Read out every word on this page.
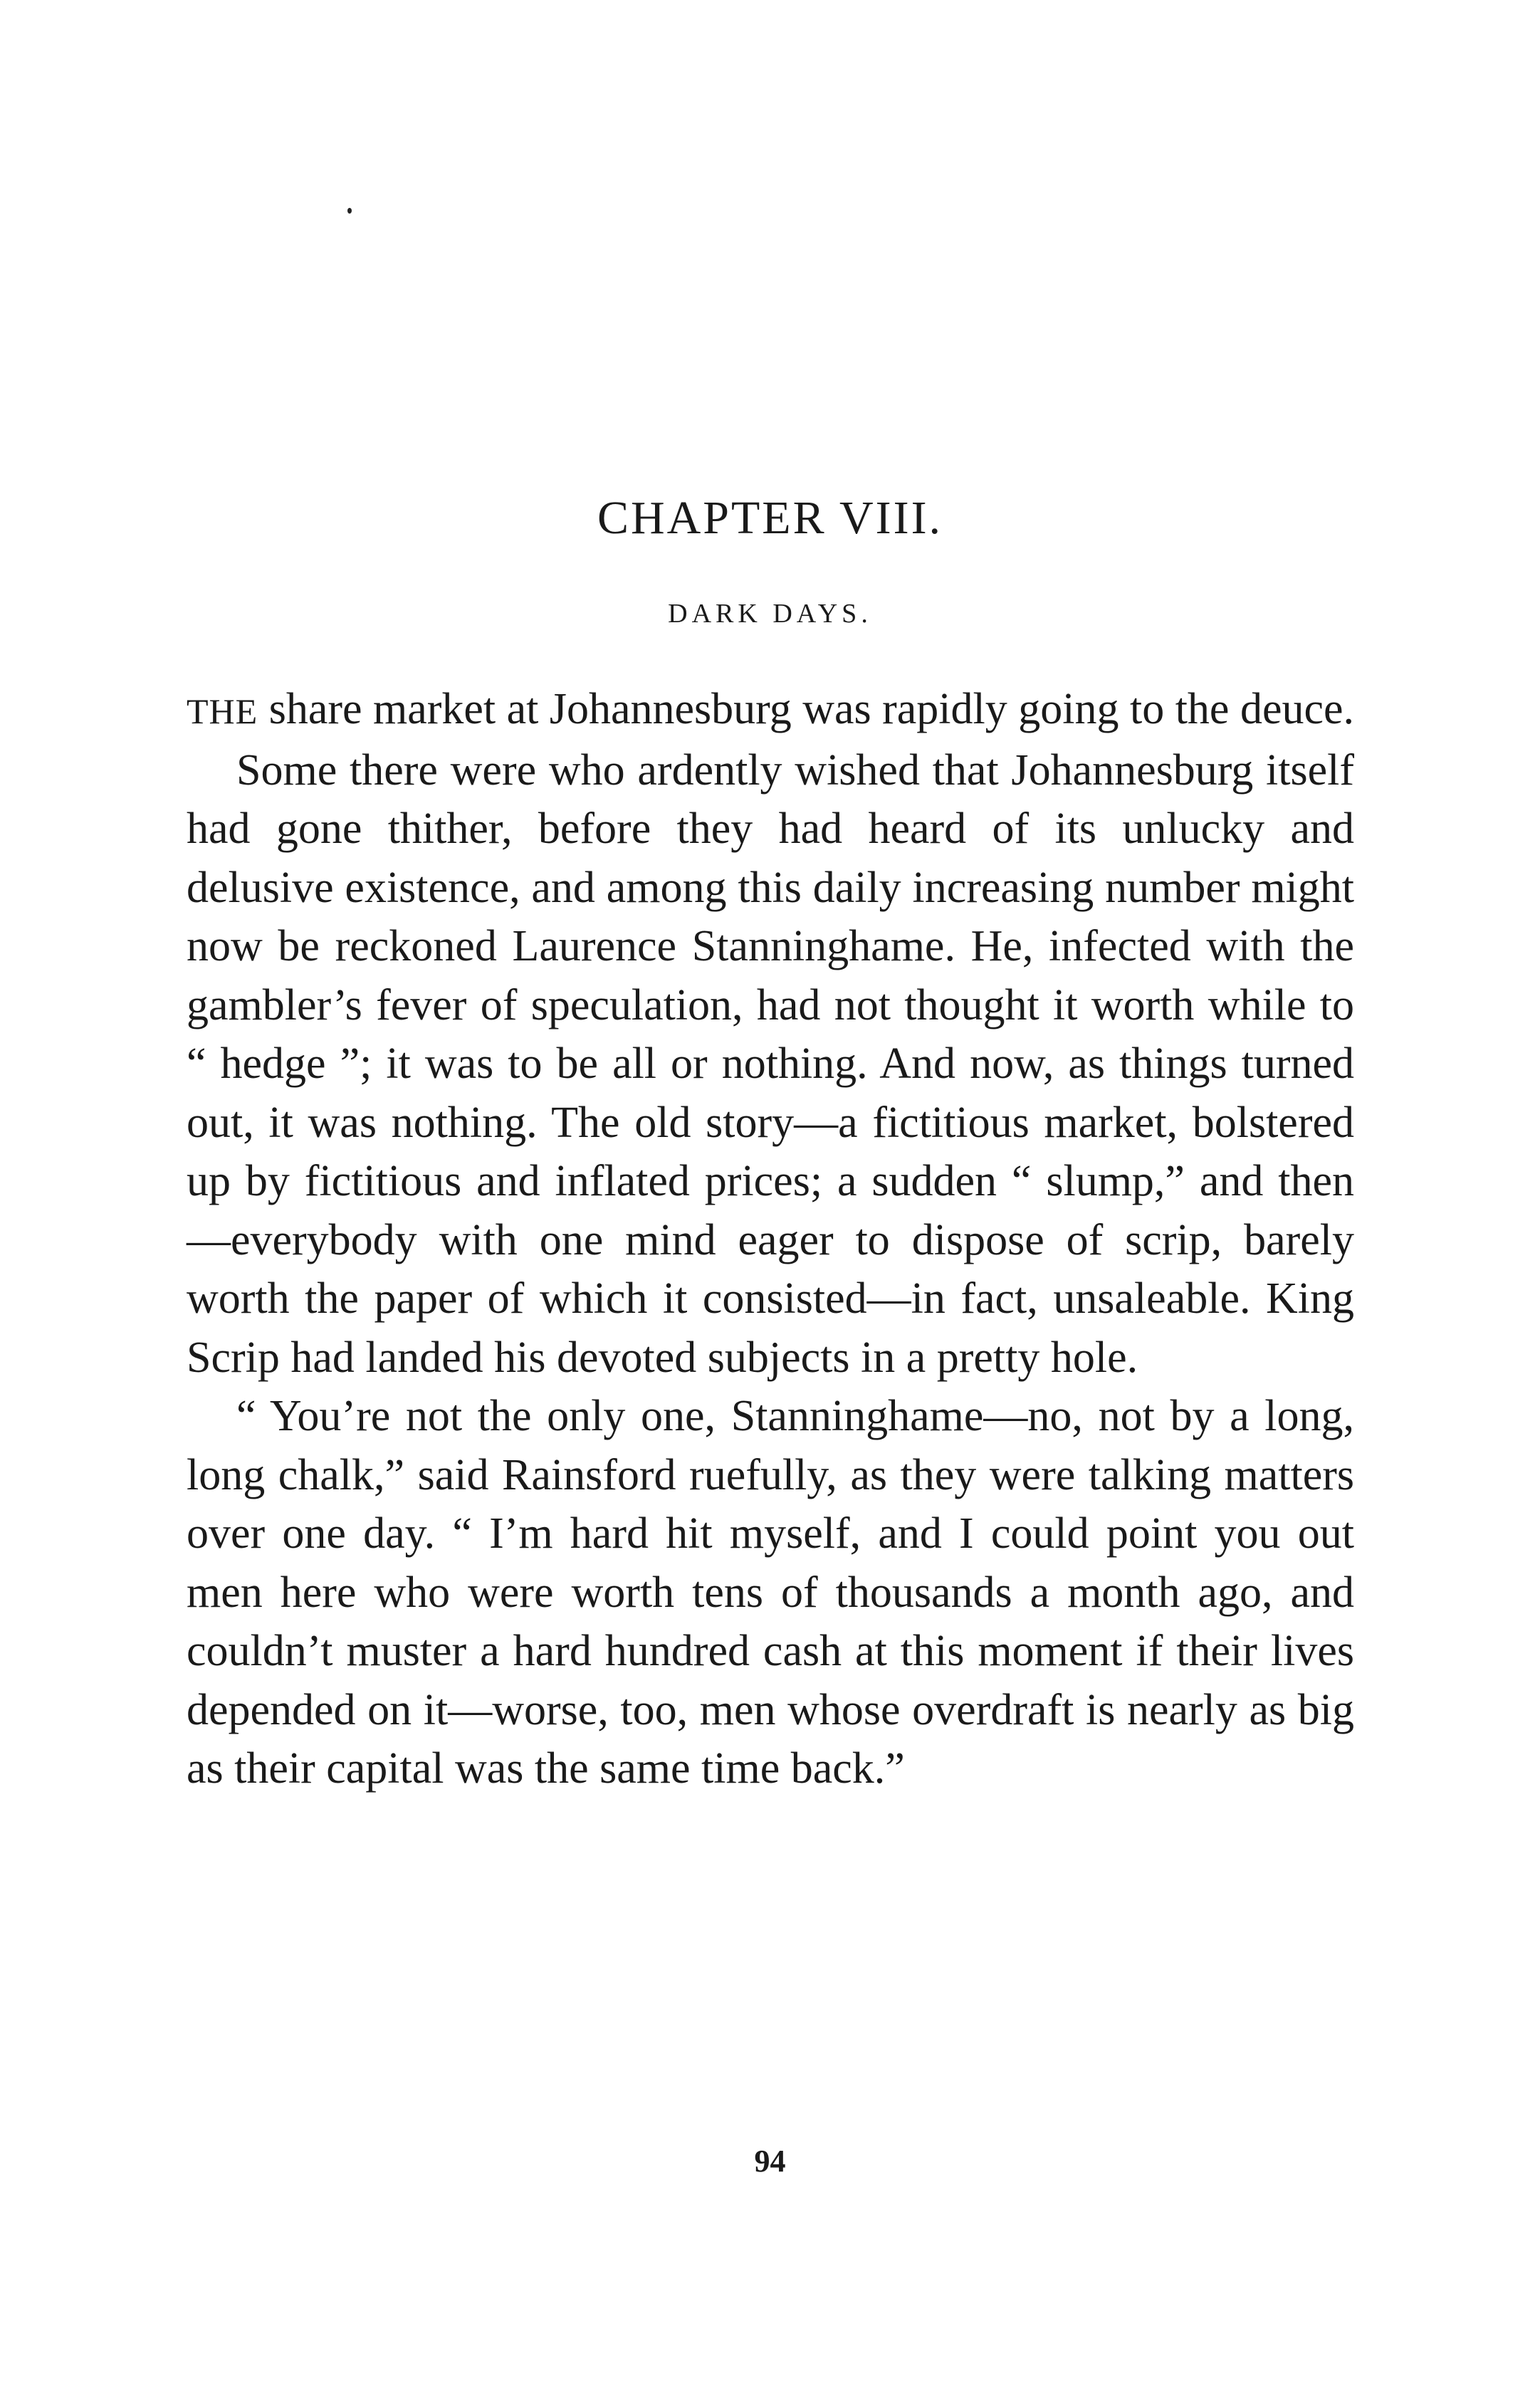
CHAPTER VIII.
DARK DAYS.

THE share market at Johannesburg was rapidly going to the deuce.

Some there were who ardently wished that Johannesburg itself had gone thither, before they had heard of its unlucky and delusive existence, and among this daily increasing number might now be reckoned Laurence Stanninghame. He, infected with the gambler’s fever of speculation, had not thought it worth while to “ hedge ”; it was to be all or nothing. And now, as things turned out, it was nothing. The old story—a fictitious market, bolstered up by fictitious and inflated prices; a sudden “ slump,” and then—everybody with one mind eager to dispose of scrip, barely worth the paper of which it consisted—in fact, unsaleable. King Scrip had landed his devoted subjects in a pretty hole.

“ You’re not the only one, Stanninghame—no, not by a long, long chalk,” said Rainsford ruefully, as they were talking matters over one day. “ I’m hard hit myself, and I could point you out men here who were worth tens of thousands a month ago, and couldn’t muster a hard hundred cash at this moment if their lives depended on it—worse, too, men whose overdraft is nearly as big as their capital was the same time back.”

94
